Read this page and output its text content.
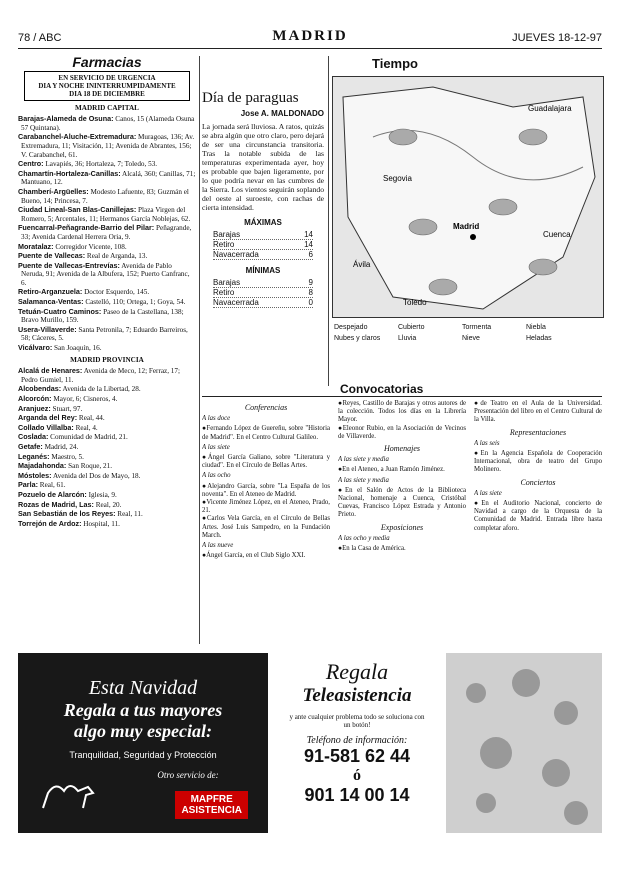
78 / ABC	MADRID	JUEVES 18-12-97
Farmacias
EN SERVICIO DE URGENCIA
DIA Y NOCHE ININTERRUMPIDAMENTE
DIA 18 DE DICIEMBRE
MADRID CAPITAL

Barajas-Alameda de Osuna: Canos, 15 (Alameda Osuna 57 Quintana).

Carabanchel-Aluche-Extremadura: Muragoas, 136; Av. Extremadura, 11; Visitación, 11; Avenida de Abrantes, 156; V. Carabanchel, 61.

Centro: Lavapiés, 36; Hortaleza, 7; Toledo, 53.

Chamartín-Hortaleza-Canillas: Alcalá, 360; Canillas, 71; Mantuano, 12.

Chamberí-Argüelles: Modesto Lafuente, 83; Guzmán el Bueno, 14; Princesa, 7.

Ciudad Lineal-San Blas-Canillejas: Plaza Virgen del Romero, 5; Arcentales, 11; Hermanos García Noblejas, 62.

Fuencarral-Peñagrande-Barrio del Pilar: Peñagrande, 33; Avenida Cardenal Herrera Oria, 9.

Moratalaz: Corregidor Vicente, 108.

Puente de Vallecas: Real de Arganda, 13.

Puente de Vallecas-Entrevías: Avenida de Pablo Neruda, 91; Avenida de la Albufera, 152; Puerto Canfranc, 6.

Retiro-Arganzuela: Doctor Esquerdo, 145.

Salamanca-Ventas: Castelló, 110; Ortega, 1; Goya, 54.

Tetuán-Cuatro Caminos: Paseo de la Castellana, 138; Bravo Murillo, 159.

Usera-Villaverde: Santa Petronila, 7; Eduardo Barreiros, 58; Cáceres, 5.

Vicálvaro: San Joaquín, 16.

MADRID PROVINCIA

Alcalá de Henares: Avenida de Meco, 12; Ferraz, 17; Pedro Gumiel, 11.

Alcobendas: Avenida de la Libertad, 28.

Alcorcón: Mayor, 6; Cisneros, 4.

Aranjuez: Stuart, 97.

Arganda del Rey: Real, 44.

Collado Villalba: Real, 4.

Coslada: Comunidad de Madrid, 21.

Getafe: Madrid, 24.

Leganés: Maestro, 5.

Majadahonda: San Roque, 21.

Móstoles: Avenida del Dos de Mayo, 18.

Parla: Real, 61.

Pozuelo de Alarcón: Iglesia, 9.

Rozas de Madrid, Las: Real, 20.

San Sebastián de los Reyes: Real, 11.

Torrejón de Ardoz: Hospital, 11.

Día de paraguas
Jose A. MALDONADO
La jornada será lluviosa. A ratos, quizás se abra algún que otro claro, pero dejará de ser una circunstancia transitoria. Tras la notable subida de las temperaturas experimentada ayer, hoy es probable que bajen ligeramente, por lo que podría nevar en las cumbres de la Sierra. Los vientos seguirán soplando del oeste al suroeste, con rachas de cierta intensidad.
MÁXIMAS
Barajas	14
Retiro	14
Navacerrada	6
MÍNIMAS
Barajas	9
Retiro	8
Navacerrada	0
Tiempo
Guadalajara
Segovia
Madrid
Ávila
Toledo
Cuenca
Despejado	Cubierto	Tormenta	NieblaNubes y claros	Lluvia	Nieve	Heladas
Convocatorias
Conferencias
A las doce
●Fernando López de Guereñu, sobre "Historia de Madrid". En el Centro Cultural Galileo.
A las siete
●Ángel García Galiano, sobre "Literatura y ciudad". En el Círculo de Bellas Artes.
A las ocho
●Alejandro García, sobre "La España de los noventa". En el Ateneo de Madrid.
●Vicente Jiménez López, en el Ateneo, Prado, 21.
●Carlos Vela García, en el Círculo de Bellas Artes. José Luis Sampedro, en la Fundación March.
A las nueve
●Ángel García, en el Club Siglo XXI.
●Reyes, Castillo de Barajas y otros autores de la colección. Todos los días en la Librería Mayor.
●Eleonor Rubio, en la Asociación de Vecinos de Villaverde.
Homenajes
A las siete y media
●En el Ateneo, a Juan Ramón Jiménez.
A las siete y media
●En el Salón de Actos de la Biblioteca Nacional, homenaje a Cuenca, Cristóbal Cuevas, Francisco López Estrada y Antonio Prieto.
Exposiciones
A las ocho y media
●En la Casa de América.
●de Teatro en el Aula de la Universidad. Presentación del libro en el Centro Cultural de la Villa.
Representaciones
A las seis
●En la Agencia Española de Cooperación Internacional, obra de teatro del Grupo Molinero.
Conciertos
A las siete
●En el Auditorio Nacional, concierto de Navidad a cargo de la Orquesta de la Comunidad de Madrid. Entrada libre hasta completar aforo.
Esta Navidad
Regala a tus mayores
algo muy especial:
Tranquilidad, Seguridad y Protección
Otro servicio de:
MAPFRE
ASISTENCIA
Regala
Teleasistencia
y ante cualquier problema todo se soluciona con un botón!
Teléfono de información:
91-581 62 44
ó
901 14 00 14
